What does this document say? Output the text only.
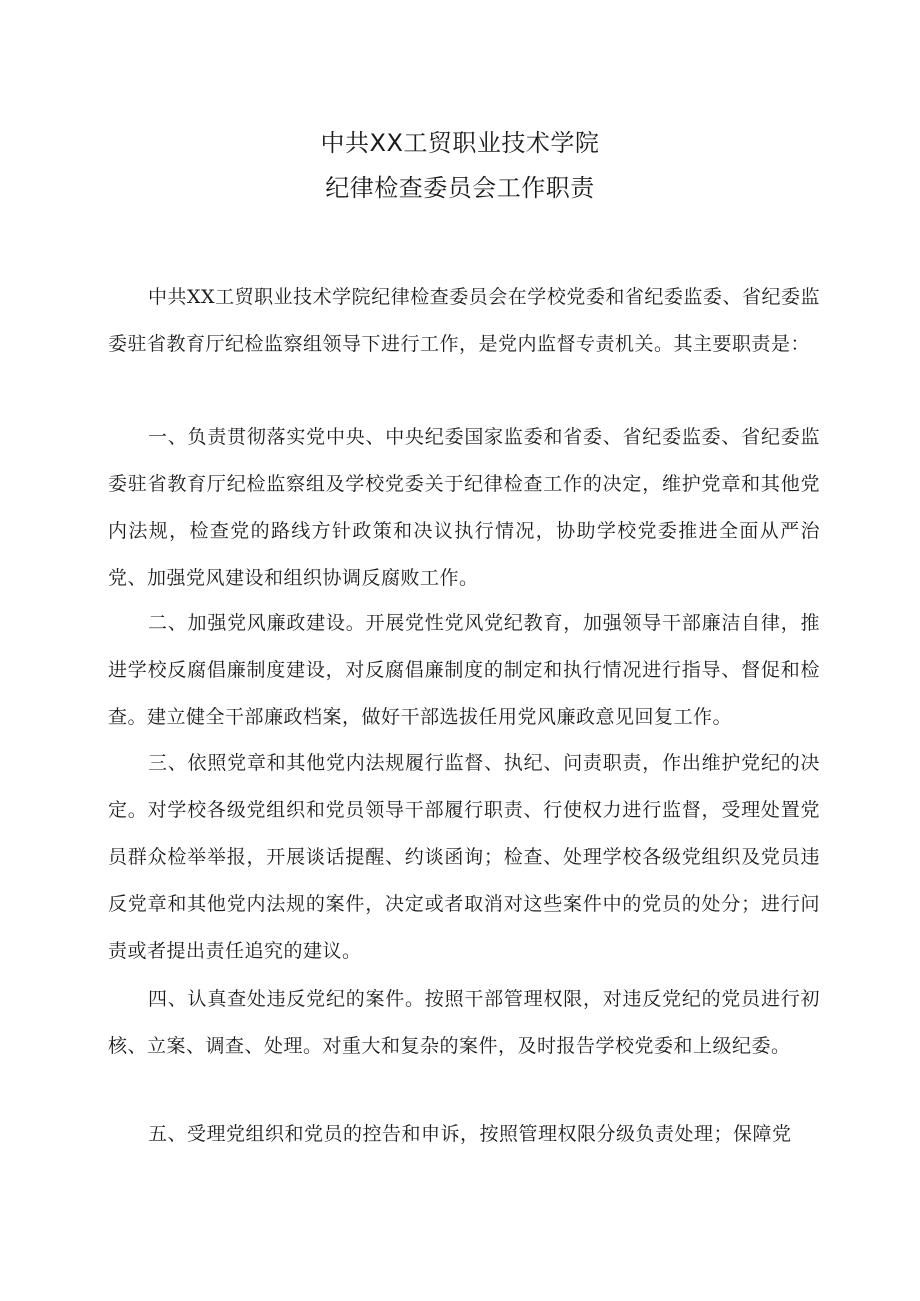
中共XX工贸职业技术学院
纪律检查委员会工作职责

中共XX工贸职业技术学院纪律检查委员会在学校党委和省纪委监委、省纪委监委驻省教育厅纪检监察组领导下进行工作，是党内监督专责机关。其主要职责是：

一、负责贯彻落实党中央、中央纪委国家监委和省委、省纪委监委、省纪委监委驻省教育厅纪检监察组及学校党委关于纪律检查工作的决定，维护党章和其他党内法规，检查党的路线方针政策和决议执行情况，协助学校党委推进全面从严治党、加强党风建设和组织协调反腐败工作。

二、加强党风廉政建设。开展党性党风党纪教育，加强领导干部廉洁自律，推进学校反腐倡廉制度建设，对反腐倡廉制度的制定和执行情况进行指导、督促和检查。建立健全干部廉政档案，做好干部选拔任用党风廉政意见回复工作。

三、依照党章和其他党内法规履行监督、执纪、问责职责，作出维护党纪的决定。对学校各级党组织和党员领导干部履行职责、行使权力进行监督，受理处置党员群众检举举报，开展谈话提醒、约谈函询；检查、处理学校各级党组织及党员违反党章和其他党内法规的案件，决定或者取消对这些案件中的党员的处分；进行问责或者提出责任追究的建议。

四、认真查处违反党纪的案件。按照干部管理权限，对违反党纪的党员进行初核、立案、调查、处理。对重大和复杂的案件，及时报告学校党委和上级纪委。

五、受理党组织和党员的控告和申诉，按照管理权限分级负责处理；保障党
